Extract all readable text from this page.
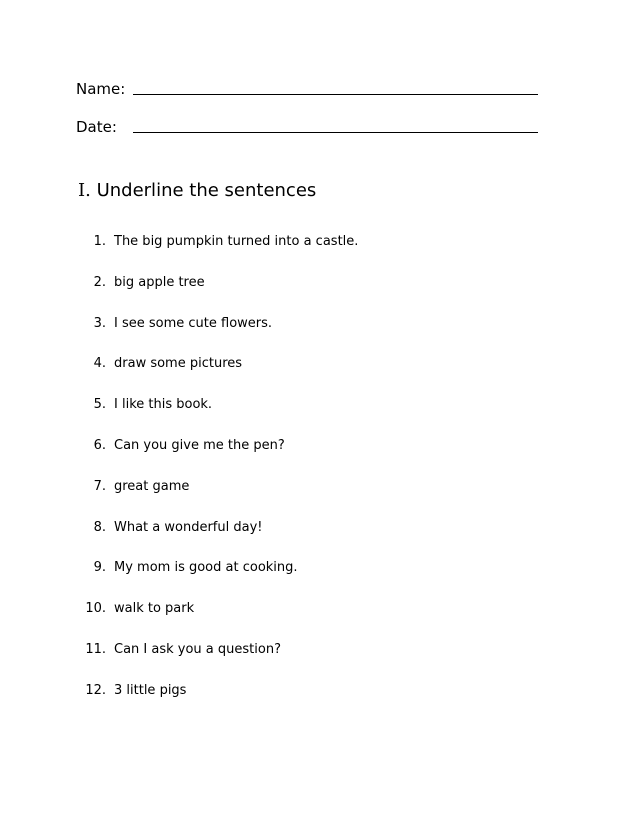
Name:
Date:
I. Underline the sentences
1. The big pumpkin turned into a castle.
2. big apple tree
3. I see some cute flowers.
4. draw some pictures
5. I like this book.
6. Can you give me the pen?
7. great game
8. What a wonderful day!
9. My mom is good at cooking.
10. walk to park
11. Can I ask you a question?
12. 3 little pigs
